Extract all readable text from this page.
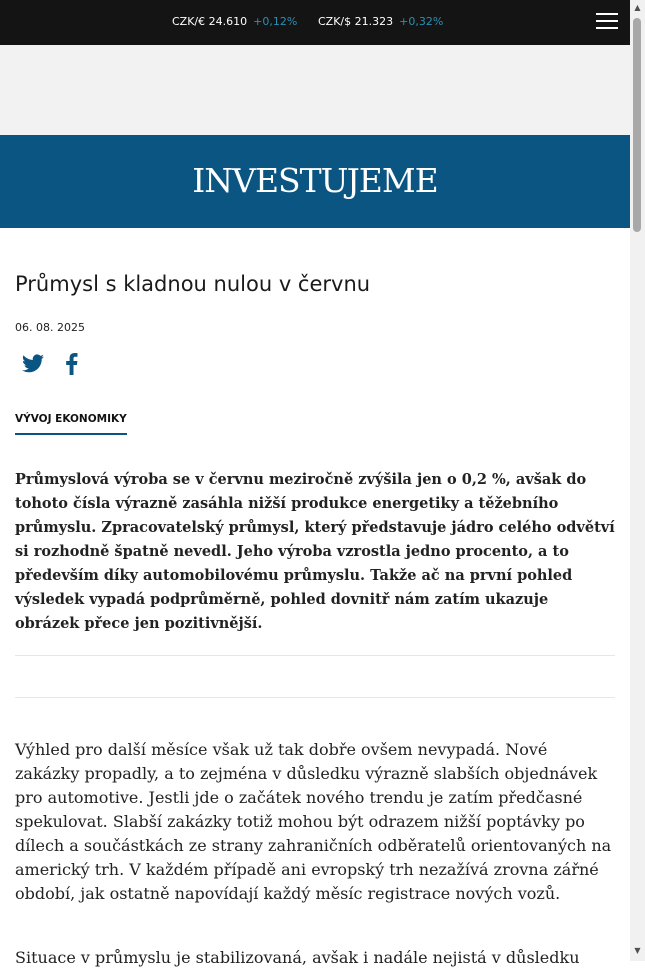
CZK/€ 24.610 +0,12% CZK/$ 21.323 +0,32%
INVESTUJEME
Průmysl s kladnou nulou v červnu
06. 08. 2025
VÝVOJ EKONOMIKY

Průmyslová výroba se v červnu meziročně zvýšila jen o 0,2 %, avšak do tohoto čísla výrazně zasáhla nižší produkce energetiky a těžebního průmyslu. Zpracovatelský průmysl, který představuje jádro celého odvětví si rozhodně špatně nevedl. Jeho výroba vzrostla jedno procento, a to především díky automobilovému průmyslu. Takže ač na první pohled výsledek vypadá podprůměrně, pohled dovnitř nám zatím ukazuje obrázek přece jen pozitivnější.

Výhled pro další měsíce však už tak dobře ovšem nevypadá. Nové zakázky propadly, a to zejména v důsledku výrazně slabších objednávek pro automotive. Jestli jde o začátek nového trendu je zatím předčasné spekulovat. Slabší zakázky totiž mohou být odrazem nižší poptávky po dílech a součástkách ze strany zahraničních odběratelů orientovaných na americký trh. V každém případě ani evropský trh nezažívá zrovna zářné období, jak ostatně napovídají každý měsíc registrace nových vozů.

Situace v průmyslu je stabilizovaná, avšak i nadále nejistá v důsledku

▲
▼
